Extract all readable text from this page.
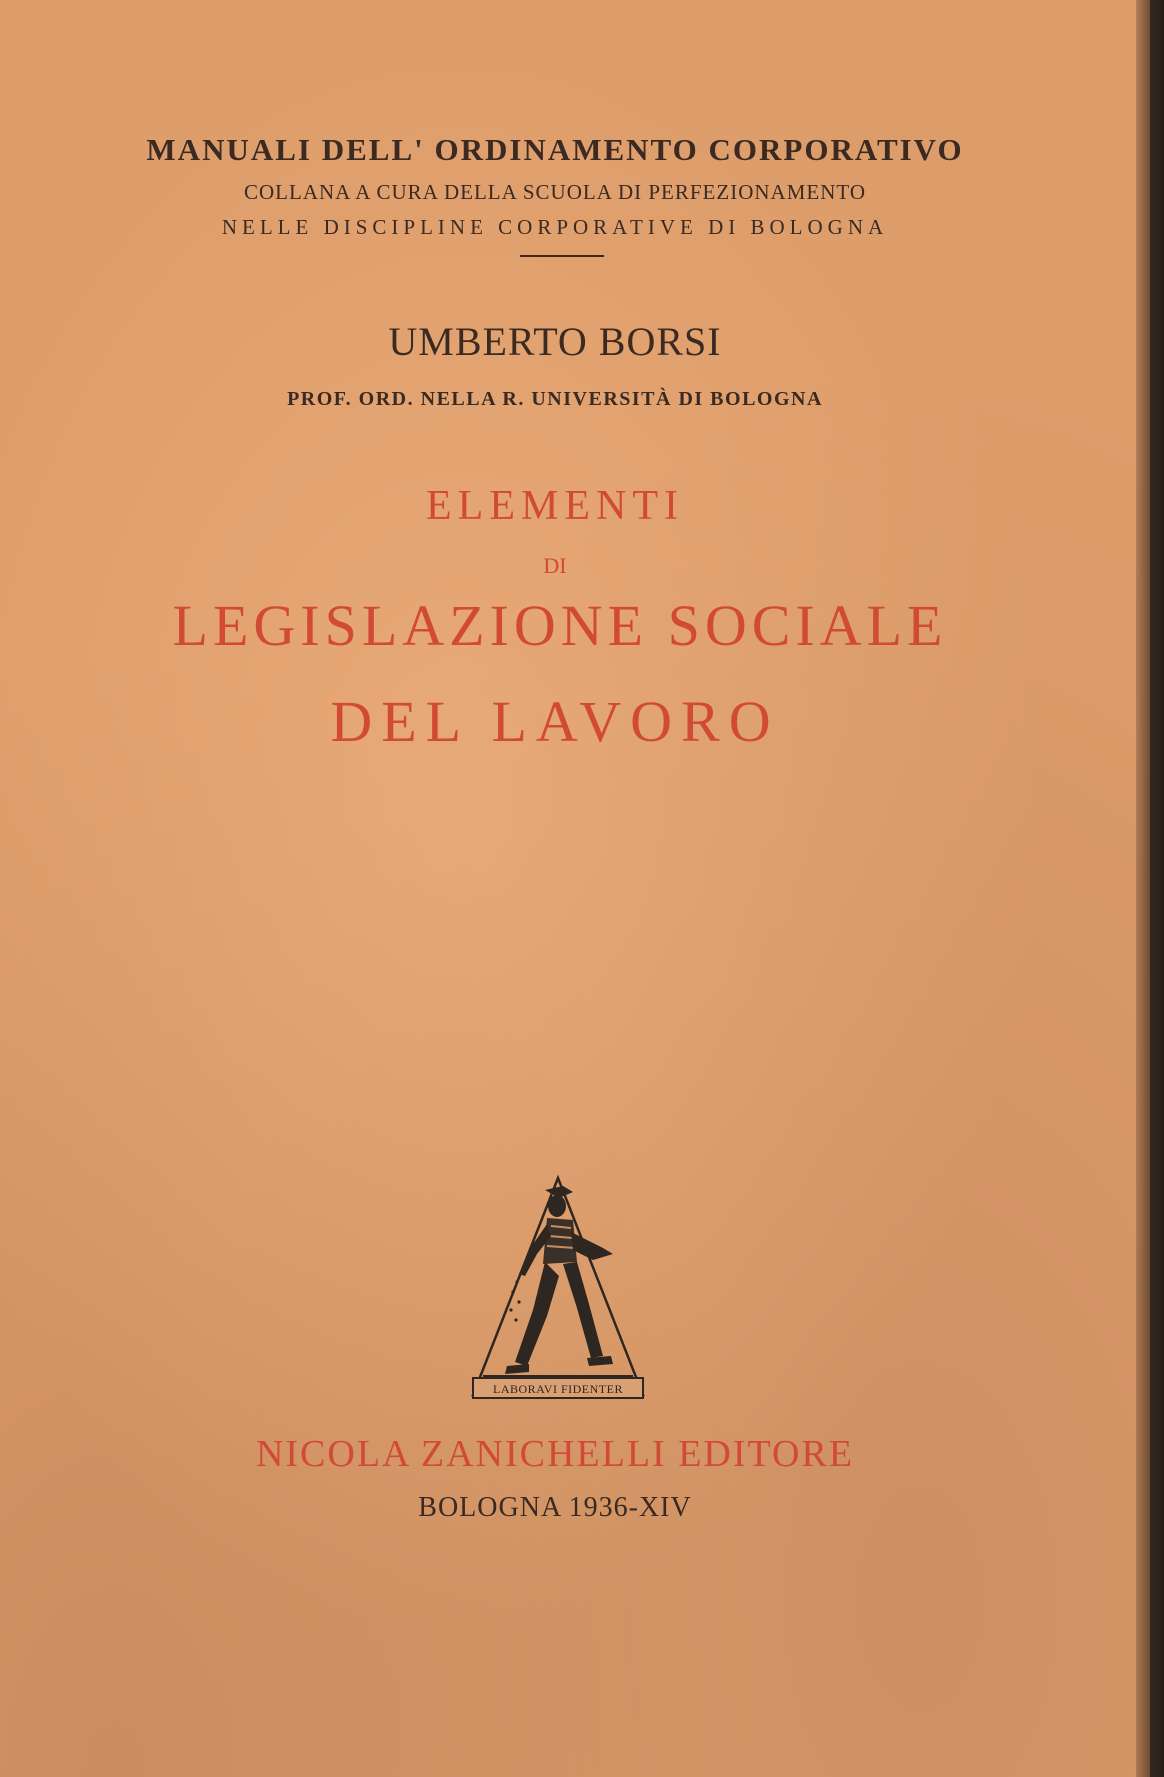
MANUALI DELL' ORDINAMENTO CORPORATIVO
COLLANA A CURA DELLA SCUOLA DI PERFEZIONAMENTO
NELLE DISCIPLINE CORPORATIVE DI BOLOGNA
UMBERTO BORSI
PROF. ORD. NELLA R. UNIVERSITÀ DI BOLOGNA
ELEMENTI
DI
LEGISLAZIONE SOCIALE
DEL LAVORO
LABORAVI FIDENTER
NICOLA ZANICHELLI EDITORE
BOLOGNA 1936-XIV
